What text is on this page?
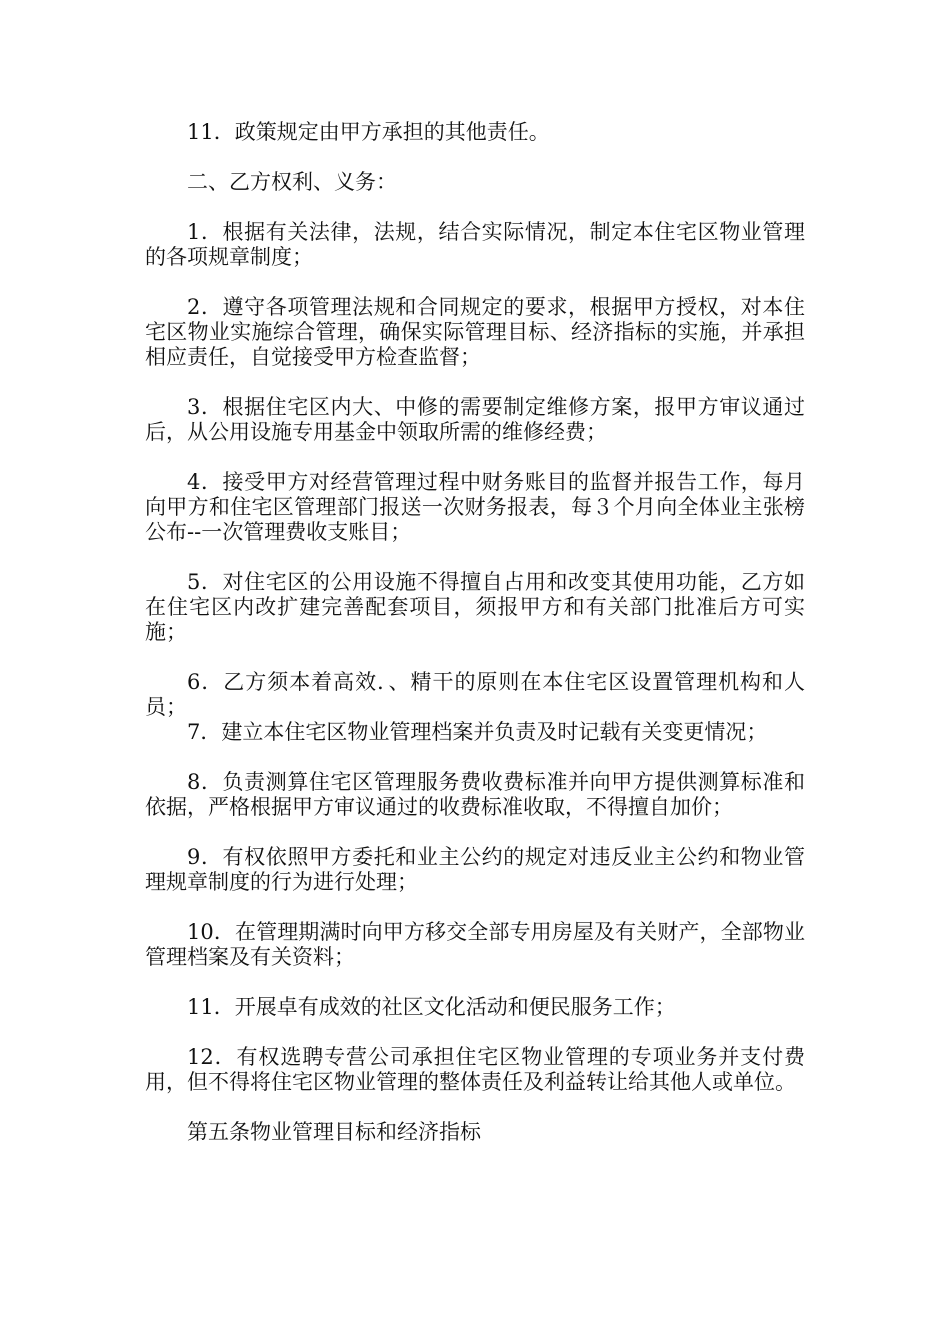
11．政策规定由甲方承担的其他责任。

二、乙方权利、义务：

1．根据有关法律，法规，结合实际情况，制定本住宅区物业管理的各项规章制度；

2．遵守各项管理法规和合同规定的要求，根据甲方授权，对本住宅区物业实施综合管理，确保实际管理目标、经济指标的实施，并承担相应责任，自觉接受甲方检查监督；

3．根据住宅区内大、中修的需要制定维修方案，报甲方审议通过后，从公用设施专用基金中领取所需的维修经费；

4．接受甲方对经营管理过程中财务账目的监督并报告工作，每月向甲方和住宅区管理部门报送一次财务报表，每３个月向全体业主张榜公布--一次管理费收支账目；

5．对住宅区的公用设施不得擅自占用和改变其使用功能，乙方如在住宅区内改扩建完善配套项目，须报甲方和有关部门批准后方可实施；

6．乙方须本着高效．、精干的原则在本住宅区设置管理机构和人员；

7．建立本住宅区物业管理档案并负责及时记载有关变更情况；

8．负责测算住宅区管理服务费收费标准并向甲方提供测算标准和依据，严格根据甲方审议通过的收费标准收取，不得擅自加价；

9．有权依照甲方委托和业主公约的规定对违反业主公约和物业管理规章制度的行为进行处理；

10．在管理期满时向甲方移交全部专用房屋及有关财产，全部物业管理档案及有关资料；

11．开展卓有成效的社区文化活动和便民服务工作；

12．有权选聘专营公司承担住宅区物业管理的专项业务并支付费用，但不得将住宅区物业管理的整体责任及利益转让给其他人或单位。

第五条物业管理目标和经济指标
